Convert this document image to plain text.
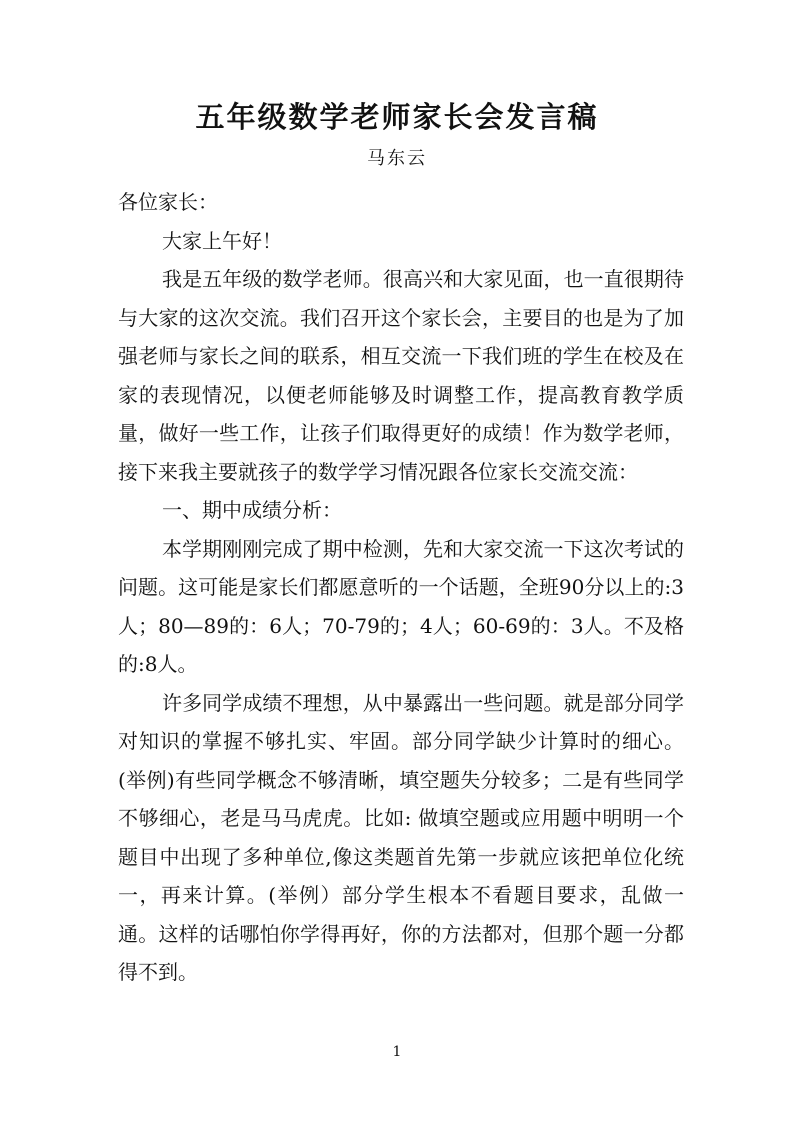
五年级数学老师家长会发言稿
马东云

各位家长：

大家上午好！

我是五年级的数学老师。很高兴和大家见面，也一直很期待与大家的这次交流。我们召开这个家长会，主要目的也是为了加强老师与家长之间的联系，相互交流一下我们班的学生在校及在家的表现情况，以便老师能够及时调整工作，提高教育教学质量，做好一些工作，让孩子们取得更好的成绩！作为数学老师，接下来我主要就孩子的数学学习情况跟各位家长交流交流：

一、期中成绩分析：

本学期刚刚完成了期中检测，先和大家交流一下这次考试的问题。这可能是家长们都愿意听的一个话题，全班90分以上的:3人；80—89的：6人；70-79的；4人；60-69的：3人。不及格的:8人。

许多同学成绩不理想，从中暴露出一些问题。就是部分同学对知识的掌握不够扎实、牢固。部分同学缺少计算时的细心。(举例)有些同学概念不够清晰，填空题失分较多；二是有些同学不够细心，老是马马虎虎。比如: 做填空题或应用题中明明一个题目中出现了多种单位,像这类题首先第一步就应该把单位化统一，再来计算。(举例）部分学生根本不看题目要求，乱做一通。这样的话哪怕你学得再好，你的方法都对，但那个题一分都得不到。

1
